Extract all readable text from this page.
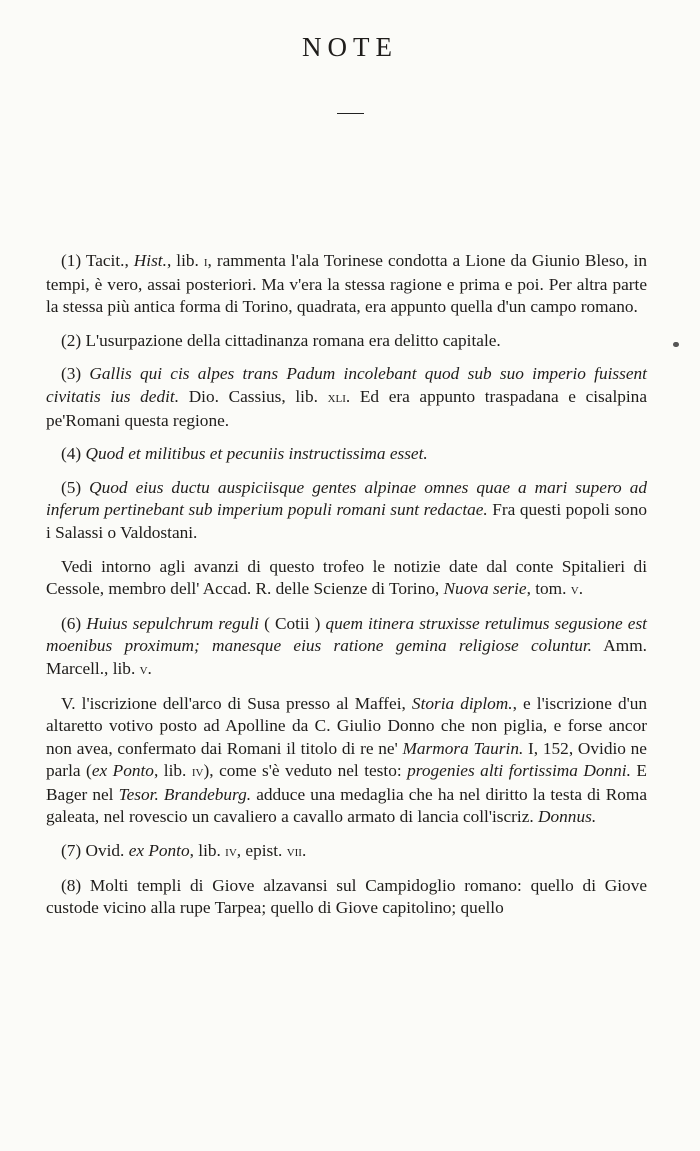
NOTE

(1) Tacit., Hist., lib. i, rammenta l'ala Torinese condotta a Lione da Giunio Bleso, in tempi, è vero, assai posteriori. Ma v'era la stessa ragione e prima e poi. Per altra parte la stessa più antica forma di Torino, quadrata, era appunto quella d'un campo romano.

(2) L'usurpazione della cittadinanza romana era delitto capitale.

(3) Gallis qui cis alpes trans Padum incolebant quod sub suo imperio fuissent civitatis ius dedit. Dio. Cassius, lib. xli. Ed era appunto traspadana e cisalpina pe'Romani questa regione.

(4) Quod et militibus et pecuniis instructissima esset.

(5) Quod eius ductu auspiciisque gentes alpinae omnes quae a mari supero ad inferum pertinebant sub imperium populi romani sunt redactae. Fra questi popoli sono i Salassi o Valdostani.

Vedi intorno agli avanzi di questo trofeo le notizie date dal conte Spitalieri di Cessole, membro dell' Accad. R. delle Scienze di Torino, Nuova serie, tom. v.

(6) Huius sepulchrum reguli ( Cotii ) quem itinera struxisse retulimus segusione est moenibus proximum; manesque eius ratione gemina religiose coluntur. Amm. Marcell., lib. v.

V. l'iscrizione dell'arco di Susa presso al Maffei, Storia diplom., e l'iscrizione d'un altaretto votivo posto ad Apolline da C. Giulio Donno che non piglia, e forse ancor non avea, confermato dai Romani il titolo di re ne' Marmora Taurin. I, 152, Ovidio ne parla (ex Ponto, lib. iv), come s'è veduto nel testo: progenies alti fortissima Donni. E Bager nel Tesor. Brandeburg. adduce una medaglia che ha nel diritto la testa di Roma galeata, nel rovescio un cavaliero a cavallo armato di lancia coll'iscriz. Donnus.

(7) Ovid. ex Ponto, lib. iv, epist. vii.

(8) Molti templi di Giove alzavansi sul Campidoglio romano: quello di Giove custode vicino alla rupe Tarpea; quello di Giove capitolino; quello
